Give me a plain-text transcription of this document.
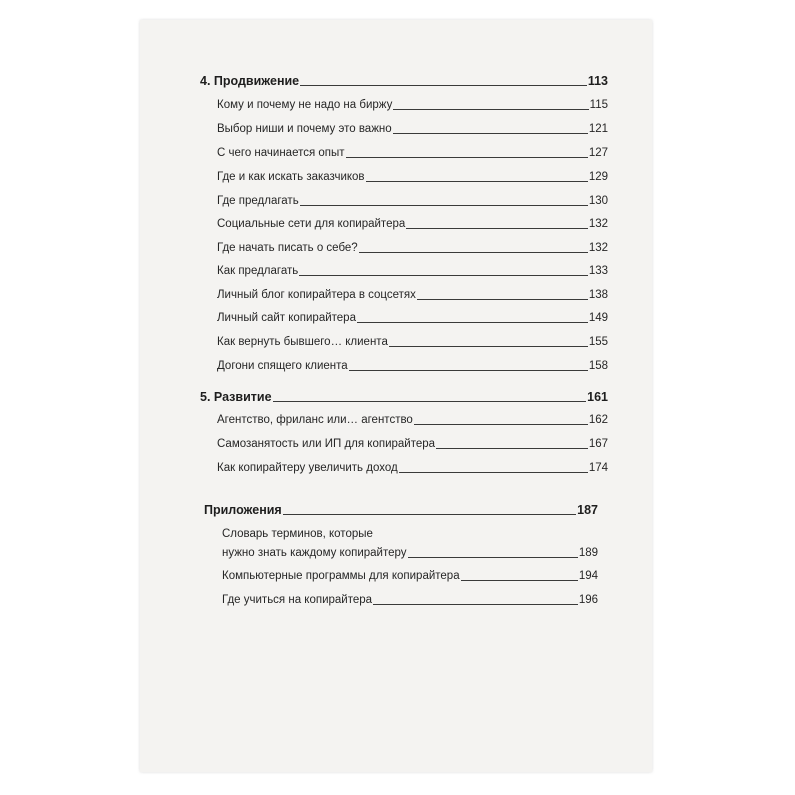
4. Продвижение	113
Кому и почему не надо на биржу	115
Выбор ниши и почему это важно	121
С чего начинается опыт	127
Где и как искать заказчиков	129
Где предлагать	130
Социальные сети для копирайтера	132
Где начать писать о себе?	132
Как предлагать	133
Личный блог копирайтера в соцсетях	138
Личный сайт копирайтера	149
Как вернуть бывшего… клиента	155
Догони спящего клиента	158
5. Развитие	161
Агентство, фриланс или… агентство	162
Самозанятость или ИП для копирайтера	167
Как копирайтеру увеличить доход	174
Приложения	187
Словарь терминов, которые
нужно знать каждому копирайтеру	189
Компьютерные программы для копирайтера	194
Где учиться на копирайтера	196
